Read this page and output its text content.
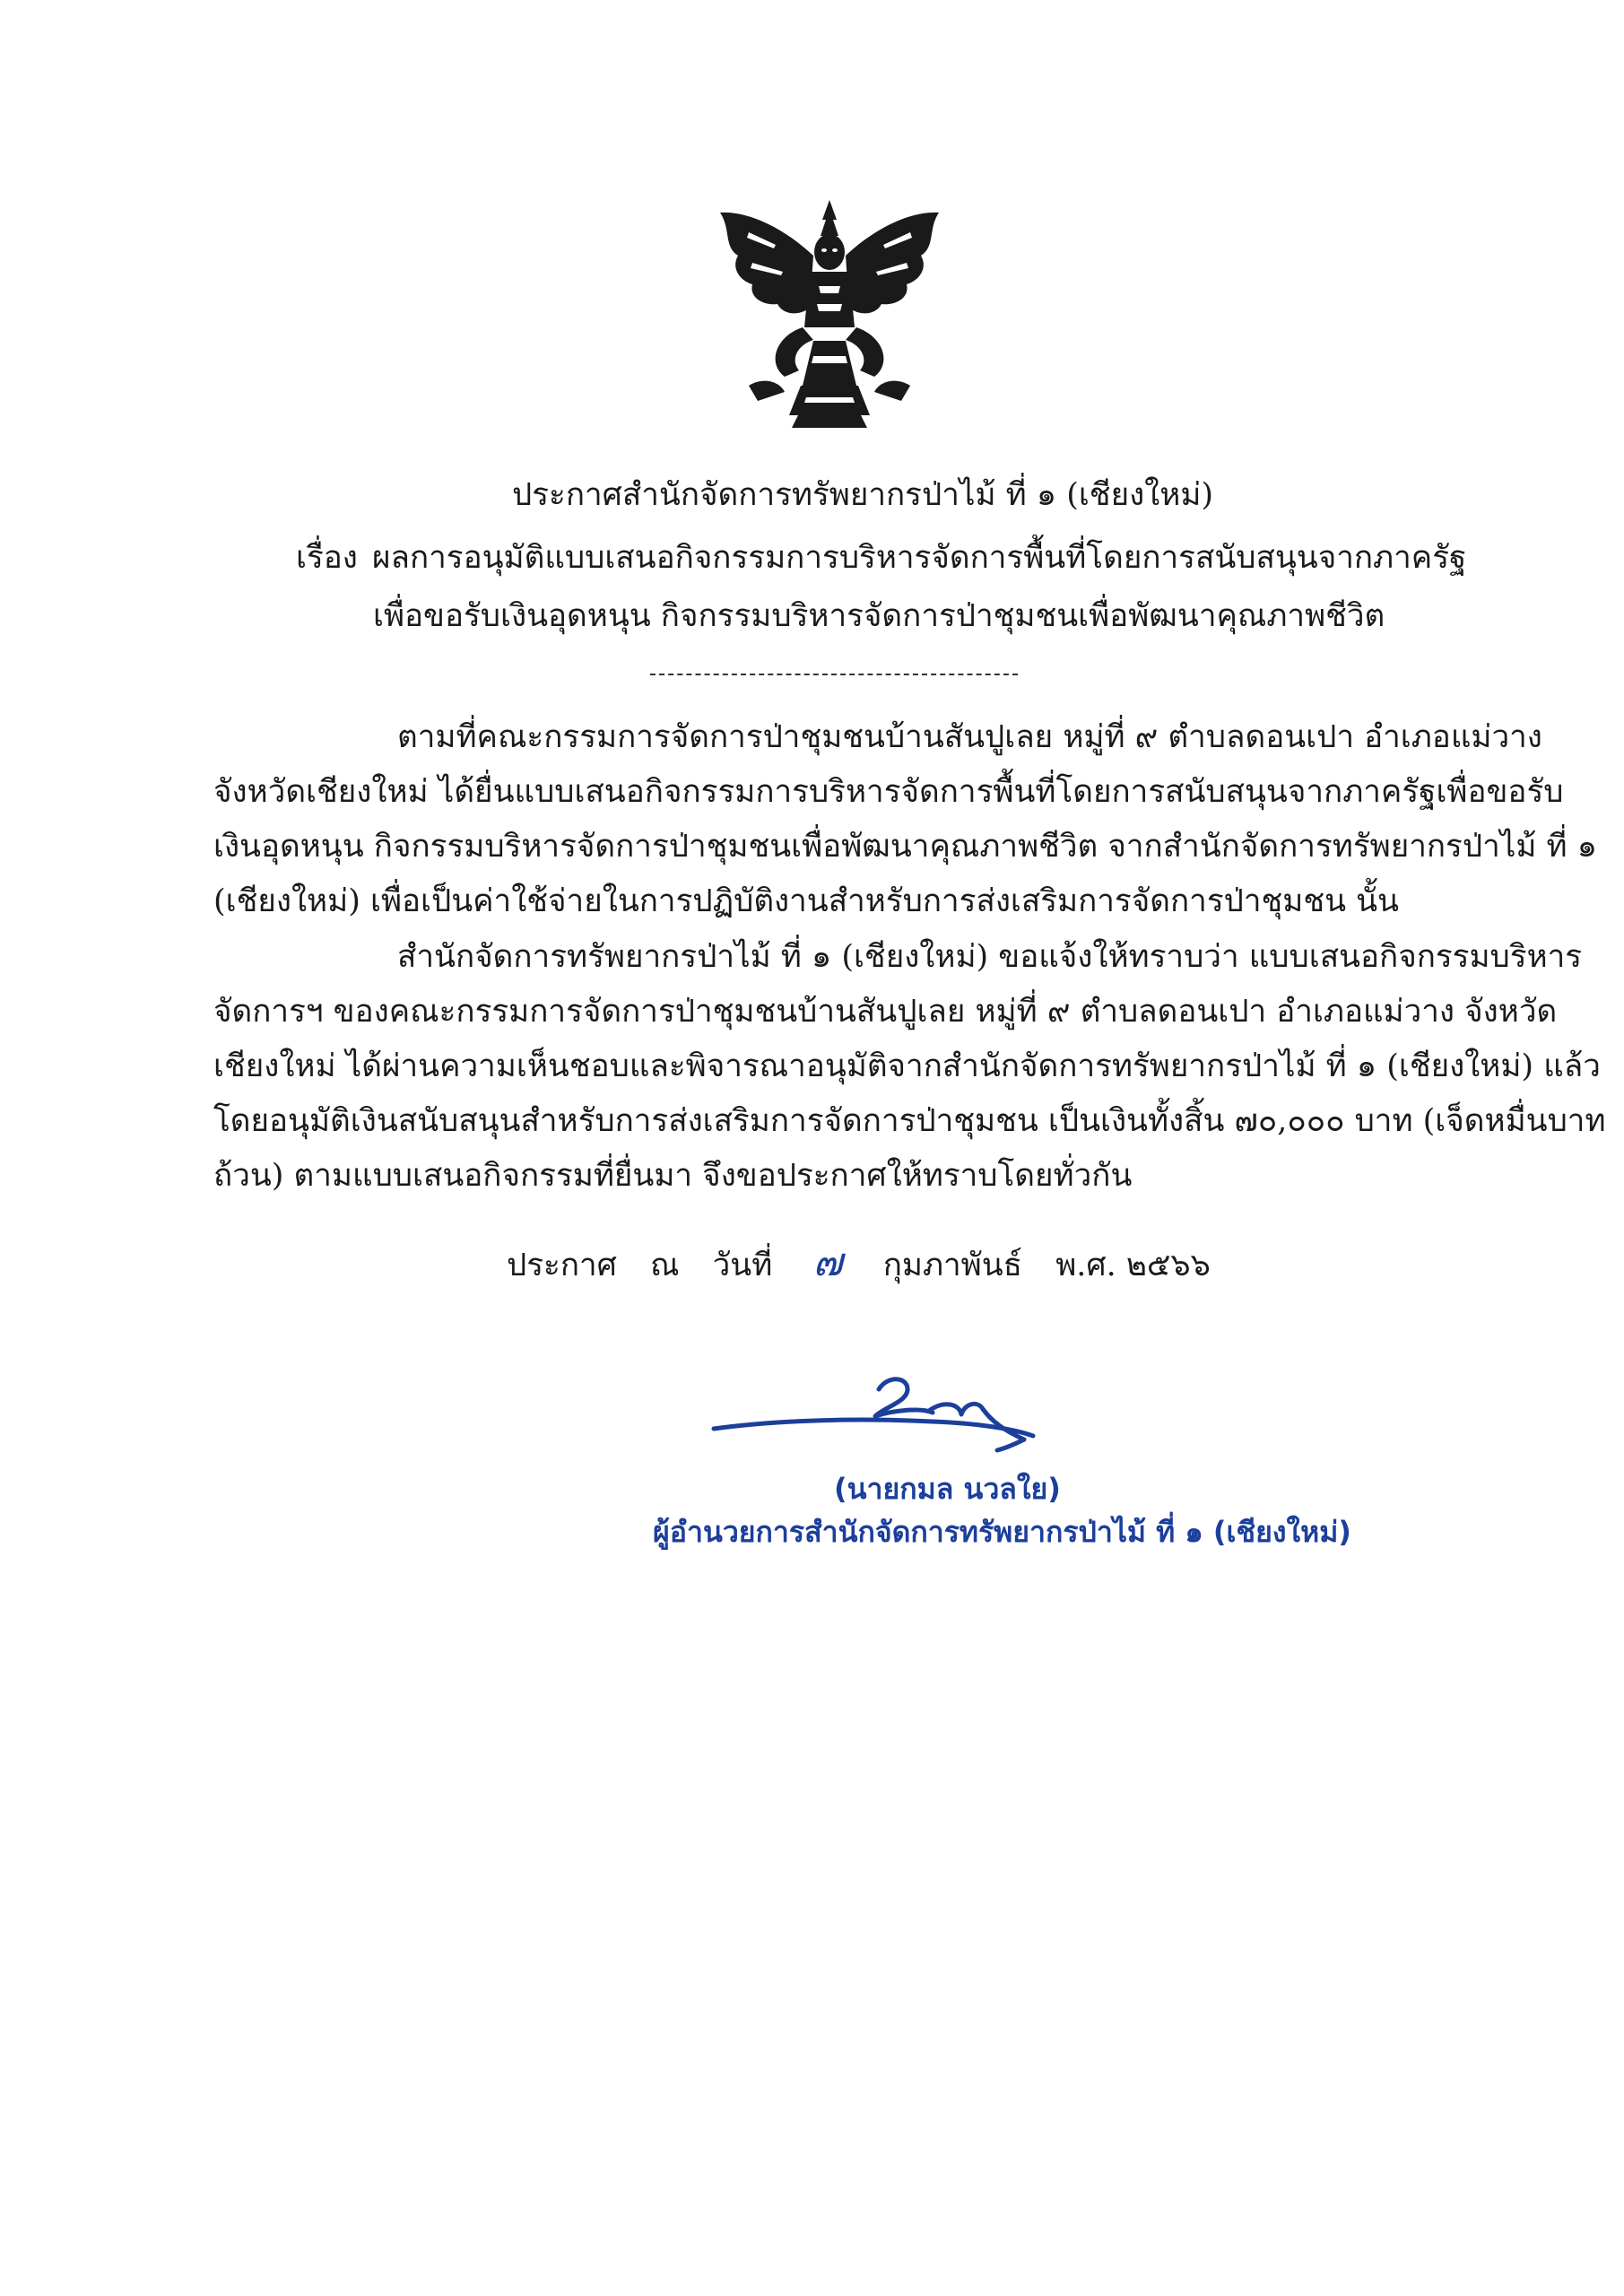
ประกาศสำนักจัดการทรัพยากรป่าไม้ ที่ ๑ (เชียงใหม่)
เรื่อง ผลการอนุมัติแบบเสนอกิจกรรมการบริหารจัดการพื้นที่โดยการสนับสนุนจากภาครัฐ
เพื่อขอรับเงินอุดหนุน กิจกรรมบริหารจัดการป่าชุมชนเพื่อพัฒนาคุณภาพชีวิต
ตามที่คณะกรรมการจัดการป่าชุมชนบ้านสันปูเลย หมู่ที่ ๙ ตำบลดอนเปา อำเภอแม่วาง
จังหวัดเชียงใหม่ ได้ยื่นแบบเสนอกิจกรรมการบริหารจัดการพื้นที่โดยการสนับสนุนจากภาครัฐเพื่อขอรับ
เงินอุดหนุน กิจกรรมบริหารจัดการป่าชุมชนเพื่อพัฒนาคุณภาพชีวิต จากสำนักจัดการทรัพยากรป่าไม้ ที่ ๑
(เชียงใหม่) เพื่อเป็นค่าใช้จ่ายในการปฏิบัติงานสำหรับการส่งเสริมการจัดการป่าชุมชน นั้น
สำนักจัดการทรัพยากรป่าไม้ ที่ ๑ (เชียงใหม่) ขอแจ้งให้ทราบว่า แบบเสนอกิจกรรมบริหาร
จัดการฯ ของคณะกรรมการจัดการป่าชุมชนบ้านสันปูเลย หมู่ที่ ๙ ตำบลดอนเปา อำเภอแม่วาง จังหวัด
เชียงใหม่ ได้ผ่านความเห็นชอบและพิจารณาอนุมัติจากสำนักจัดการทรัพยากรป่าไม้ ที่ ๑ (เชียงใหม่) แล้ว
โดยอนุมัติเงินสนับสนุนสำหรับการส่งเสริมการจัดการป่าชุมชน เป็นเงินทั้งสิ้น ๗๐,๐๐๐ บาท (เจ็ดหมื่นบาท
ถ้วน) ตามแบบเสนอกิจกรรมที่ยื่นมา จึงขอประกาศให้ทราบโดยทั่วกัน
ประกาศ ณ วันที่ ๗ กุมภาพันธ์ พ.ศ. ๒๕๖๖
(นายกมล นวลใย)
ผู้อำนวยการสำนักจัดการทรัพยากรป่าไม้ ที่ ๑ (เชียงใหม่)
